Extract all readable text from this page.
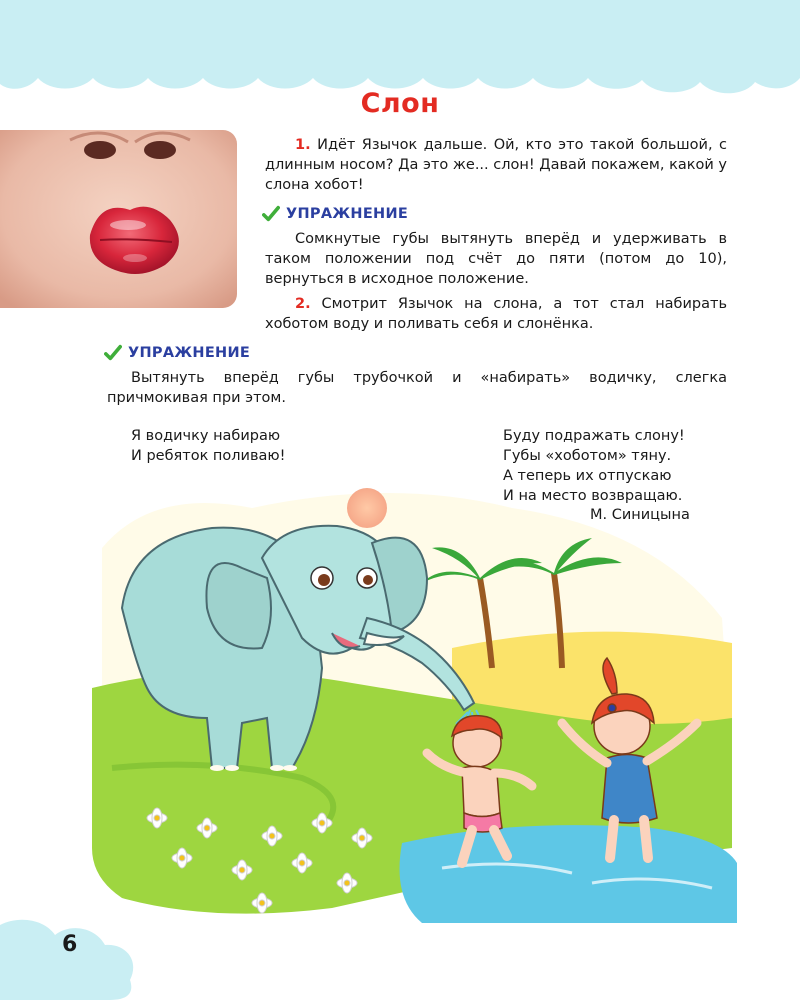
Слон
1. Идёт Язычок дальше. Ой, кто это такой большой, с длинным носом? Да это же... слон! Давай покажем, какой у слона хобот!
УПРАЖНЕНИЕ
Сомкнутые губы вытянуть вперёд и удерживать в таком положении под счёт до пяти (потом до 10), вернуться в исходное положение.
2. Смотрит Язычок на слона, а тот стал набирать хоботом воду и поливать себя и слонёнка.
УПРАЖНЕНИЕ
Вытянуть вперёд губы трубочкой и «набирать» водичку, слегка причмокивая при этом.
Я водичку набираю
И ребяток поливаю!
Буду подражать слону!
Губы «хоботом» тяну.
А теперь их отпускаю
И на место возвращаю.
М. Синицына
6
